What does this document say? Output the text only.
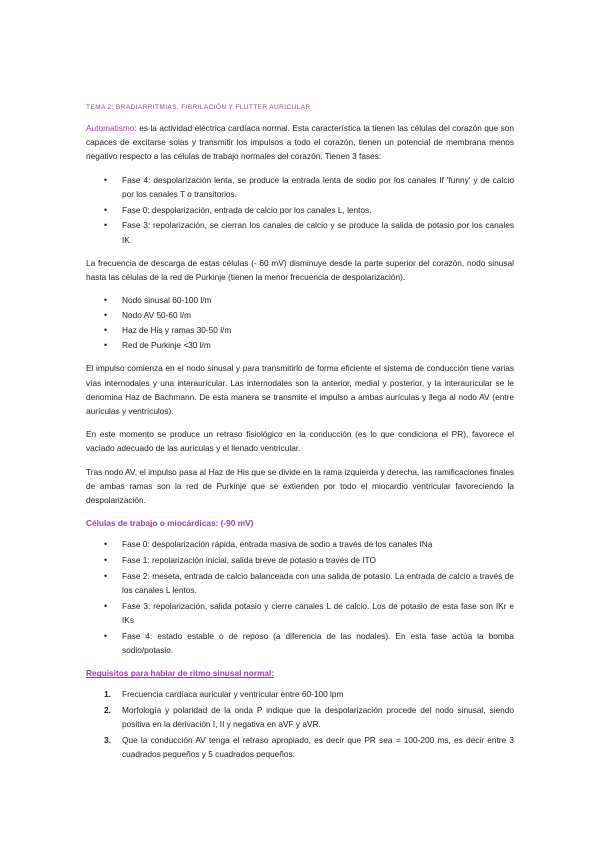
TEMA 2: BRADIARRITMIAS, FIBRILACIÓN Y FLUTTER AURICULAR

Automatismo: es la actividad eléctrica cardíaca normal. Esta característica la tienen las células del corazón que son capaces de excitarse solas y transmitir los impulsos a todo el corazón, tienen un potencial de membrana menos negativo respecto a las células de trabajo normales del corazón. Tienen 3 fases:

• Fase 4: despolarización lenta, se produce la entrada lenta de sodio por los canales If 'funny' y de calcio por los canales T o transitorios.
• Fase 0: despolarización, entrada de calcio por los canales L, lentos.
• Fase 3: repolarización, se cierran los canales de calcio y se produce la salida de potasio por los canales IK.

La frecuencia de descarga de estas células (- 60 mV) disminuye desde la parte superior del corazón, nodo sinusal hasta las células de la red de Purkinje (tienen la menor frecuencia de despolarización).

• Nodo sinusal 60-100 l/m
• Nodo AV 50-60 l/m
• Haz de His y ramas 30-50 l/m
• Red de Purkinje <30 l/m

El impulso comienza en el nodo sinusal y para transmitirlo de forma eficiente el sistema de conducción tiene varias vías internodales y una interauricular. Las internodales son la anterior, medial y posterior, y la interauricular se le denomina Haz de Bachmann. De esta manera se transmite el impulso a ambas aurículas y llega al nodo AV (entre aurículas y ventrículos).

En este momento se produce un retraso fisiológico en la conducción (es lo que condiciona el PR), favorece el vaciado adecuado de las aurículas y el llenado ventricular.

Tras nodo AV, el impulso pasa al Haz de His que se divide en la rama izquierda y derecha, las ramificaciones finales de ambas ramas son la red de Purkinje que se extienden por todo el miocardio ventricular favoreciendo la despolarización.

Células de trabajo o miocárdicas: (-90 mV)
• Fase 0: despolarización rápida, entrada masiva de sodio a través de los canales INa
• Fase 1: repolarización inicial, salida breve de potasio a través de ITO
• Fase 2: meseta, entrada de calcio balanceada con una salida de potasio. La entrada de calcio a través de los canales L lentos.
• Fase 3: repolarización, salida potasio y cierre canales L de calcio. Los de potasio de esta fase son IKr e IKs
• Fase 4: estado estable o de reposo (a diferencia de las nodales). En esta fase actúa la bomba sodio/potasio.
Requisitos para hablar de ritmo sinusal normal:
1. Frecuencia cardíaca auricular y ventricular entre 60-100 lpm
2. Morfología y polaridad de la onda P indique que la despolarización procede del nodo sinusal, siendo positiva en la derivación I, II y negativa en aVF y aVR.
3. Que la conducción AV tenga el retraso apropiado, es decir que PR sea = 100-200 ms, es decir entre 3 cuadrados pequeños y 5 cuadrados pequeños.
